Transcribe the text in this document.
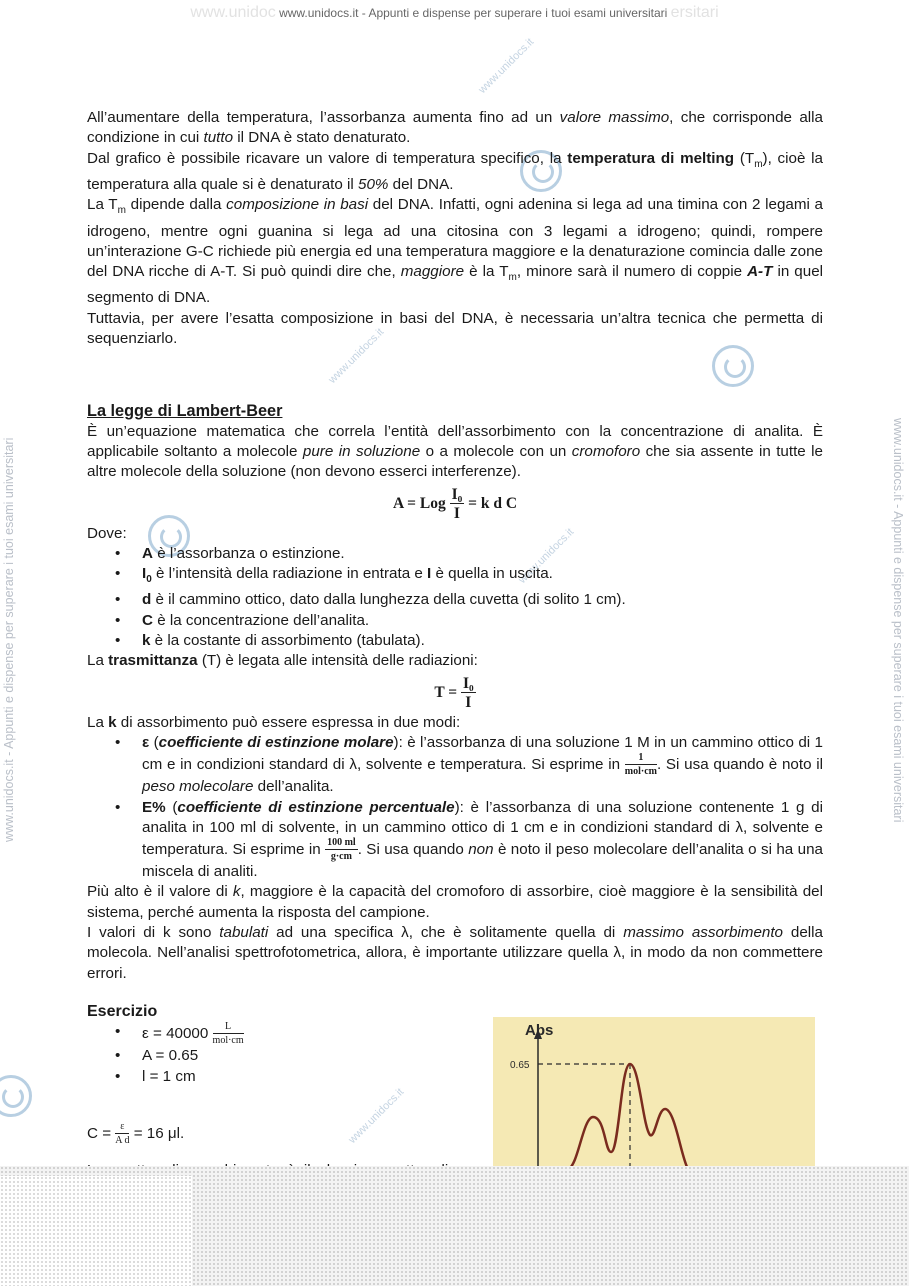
www.unidoc www.unidocs.it - Appunti e dispense per superare i tuoi esami universitari ersitari
www.unidocs.it - Appunti e dispense per superare i tuoi esami universitari	www.unidocs.it - Appunti e dispense per superare i tuoi esami universitari
www.unidocs.it
www.unidocs.it
www.unidocs.it
www.unidocs.it

All’aumentare della temperatura, l’assorbanza aumenta fino ad un valore massimo, che corrisponde alla condizione in cui tutto il DNA è stato denaturato.

Dal grafico è possibile ricavare un valore di temperatura specifico, la temperatura di melting $(T_m)$, cioè la temperatura alla quale si è denaturato il 50% del DNA.

La $T_m$ dipende dalla composizione in basi del DNA. Infatti, ogni adenina si lega ad una timina con 2 legami a idrogeno, mentre ogni guanina si lega ad una citosina con 3 legami a idrogeno; quindi, rompere un’interazione G-C richiede più energia ed una temperatura maggiore e la denaturazione comincia dalle zone del DNA ricche di A-T. Si può quindi dire che, maggiore è la $T_m$, minore sarà il numero di coppie A-T in quel segmento di DNA.

Tuttavia, per avere l’esatta composizione in basi del DNA, è necessaria un’altra tecnica che permetta di sequenziarlo.

La legge di Lambert-Beer

È un’equazione matematica che correla l’entità dell’assorbimento con la concentrazione di analita. È applicabile soltanto a molecole pure in soluzione o a molecole con un cromoforo che sia assente in tutte le altre molecole della soluzione (non devono esserci interferenze).

A = Log $\frac{\text{I₀}}{I} = k$ d C

Dove:

• A è l’assorbanza o estinzione.
• $I_0$ è l’intensità della radiazione in entrata e I è quella in uscita.
• d è il cammino ottico, dato dalla lunghezza della cuvetta (di solito 1 cm).
• C è la concentrazione dell’analita.
• k è la costante di assorbimento (tabulata).

La trasmittanza (T) è legata alle intensità delle radiazioni:

$T = \frac{\text{I₀}}{I}$

La k di assorbimento può essere espressa in due modi:

• ε (coefficiente di estinzione molare): è l’assorbanza di una soluzione 1 M in un cammino ottico di 1 cm e in condizioni standard di λ, solvente e temperatura. Si esprime in $\frac{1}{\text{mol·cm}}$ . Si usa quando è noto il peso molecolare dell’analita.
• E% (coefficiente di estinzione percentuale): è l’assorbanza di una soluzione contenente 1 g di analita in 100 ml di solvente, in un cammino ottico di 1 cm e in condizioni standard di λ, solvente e temperatura. Si esprime in $\frac{100 ml}{g\cdot cm}$ . Si usa quando non è noto il peso molecolare dell’analita o si ha una miscela di analiti.

Più alto è il valore di k, maggiore è la capacità del cromoforo di assorbire, cioè maggiore è la sensibilità del sistema, perché aumenta la risposta del campione.

I valori di k sono tabulati ad una specifica λ, che è solitamente quella di massimo assorbimento della molecola. Nell’analisi spettrofotometrica, allora, è importante utilizzare quella λ, in modo da non commettere errori.

Esercizio
• $\varepsilon = 40000 \frac{L}{\text{mol·cm}}$
• A = 0.65
• l = 1 cm

$C = \frac{\varepsilon}{\text{A d}} = 16$ μl.

Abs
0.65
